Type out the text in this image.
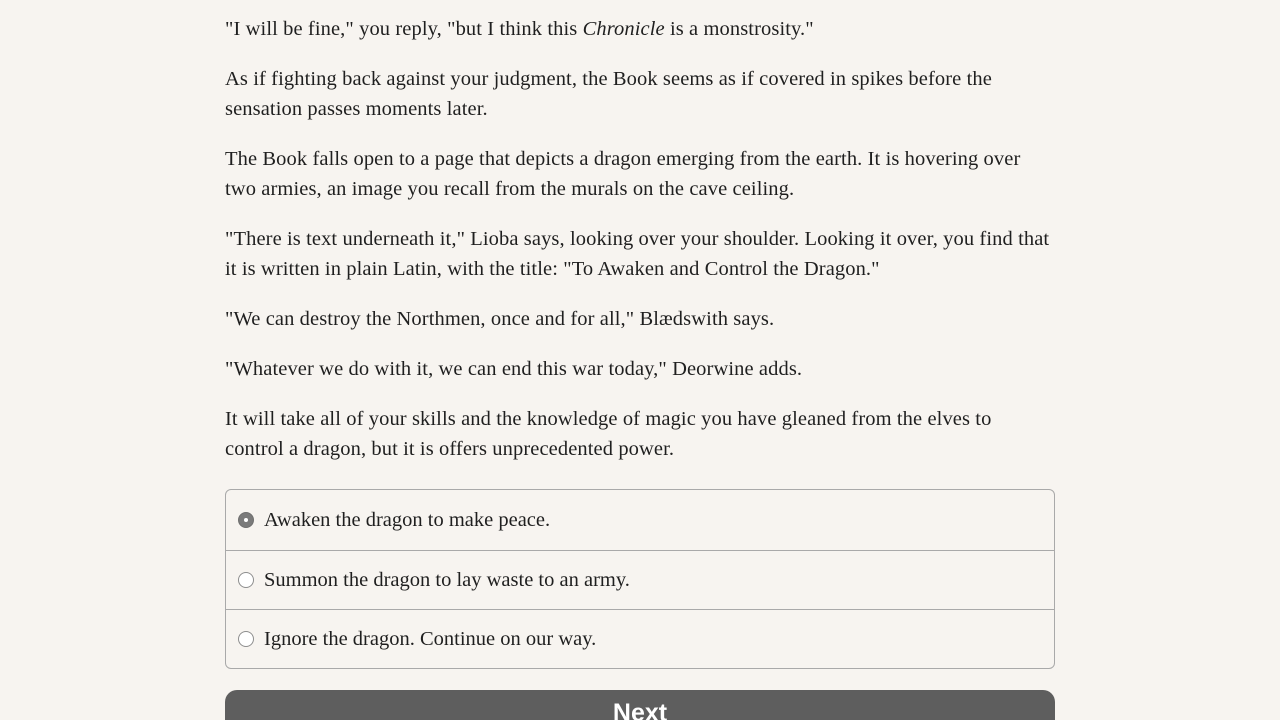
"I will be fine," you reply, "but I think this Chronicle is a monstrosity."

As if fighting back against your judgment, the Book seems as if covered in spikes before the sensation passes moments later.

The Book falls open to a page that depicts a dragon emerging from the earth. It is hovering over two armies, an image you recall from the murals on the cave ceiling.

"There is text underneath it," Lioba says, looking over your shoulder. Looking it over, you find that it is written in plain Latin, with the title: "To Awaken and Control the Dragon."

"We can destroy the Northmen, once and for all," Blædswith says.

"Whatever we do with it, we can end this war today," Deorwine adds.

It will take all of your skills and the knowledge of magic you have gleaned from the elves to control a dragon, but it is offers unprecedented power.

Awaken the dragon to make peace.
Summon the dragon to lay waste to an army.
Ignore the dragon. Continue on our way.
Next
